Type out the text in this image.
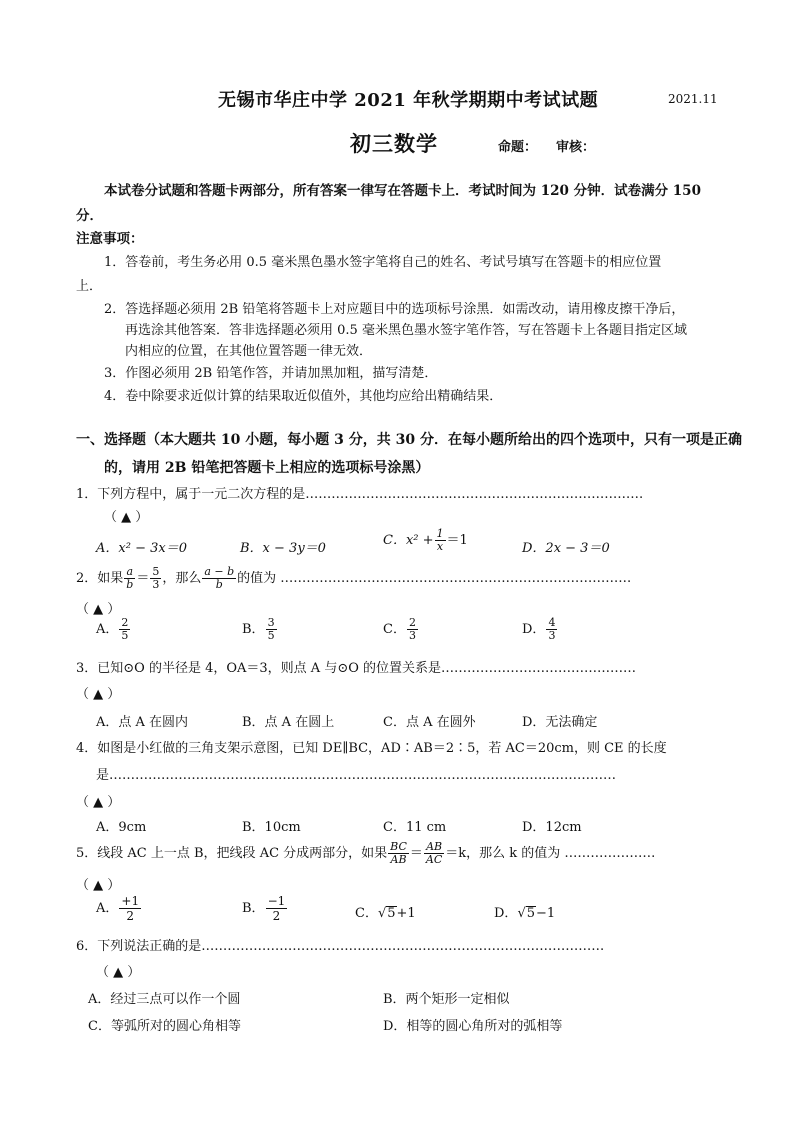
无锡市华庄中学 2021 年秋学期期中考试试题	2021.11
初三数学	命题： 审核：
本试卷分试题和答题卡两部分，所有答案一律写在答题卡上．考试时间为 120 分钟．试卷满分 150
分．
注意事项：
1．答卷前，考生务必用 0.5 毫米黑色墨水签字笔将自己的姓名、考试号填写在答题卡的相应位置
上．
2．答选择题必须用 2B 铅笔将答题卡上对应题目中的选项标号涂黑．如需改动，请用橡皮擦干净后，
再选涂其他答案．答非选择题必须用 0.5 毫米黑色墨水签字笔作答，写在答题卡上各题目指定区域
内相应的位置，在其他位置答题一律无效．
3．作图必须用 2B 铅笔作答，并请加黑加粗，描写清楚．
4．卷中除要求近似计算的结果取近似值外，其他均应给出精确结果．
一、选择题（本大题共 10 小题，每小题 3 分，共 30 分．在每小题所给出的四个选项中，只有一项是正确
的，请用 2B 铅笔把答题卡上相应的选项标号涂黑）
1．下列方程中，属于一元二次方程的是……………………………………………………………………
（ ▲ ）
A．x² − 3x＝0	B．x − 3y＝0
C．$x^2 + \frac{1}{x} =1$
D．2x − 3＝0
2．如果 $\frac{a}{b} = \frac{5}{3}$ ，那么 $\frac{a - b}{b}$ 的值为 ………………………………………………………………………
（ ▲ ）
A． $\frac{2}{5}$	B． $\frac{3}{5}$	C． $\frac{2}{3}$	D． $\frac{4}{3}$
3．已知⊙O 的半径是 4，OA＝3，则点 A 与⊙O 的位置关系是………………………………………
（ ▲ ）
A．点 A 在圆内	B．点 A 在圆上	C．点 A 在圆外	D．无法确定
4．如图是小红做的三角支架示意图，已知 DE∥BC，AD∶AB＝2∶5，若 AC＝20cm，则 CE 的长度
是………………………………………………………………………………………………………
（ ▲ ）
A．9cm	B．10cm	C．11 cm	D．12cm
5．线段 AC 上一点 B，把线段 AC 分成两部分，如果 $\frac{BC}{AB} = \frac{AB}{AC} =k$，那么 k 的值为 …………………
（ ▲ ）
A． $\frac{+1}{2}$	B． $\frac{-1}{2}$	C．√5+1	D．√5−1
6．下列说法正确的是…………………………………………………………………………………
（ ▲ ）
A．经过三点可以作一个圆	B．两个矩形一定相似
C．等弧所对的圆心角相等	D．相等的圆心角所对的弧相等
